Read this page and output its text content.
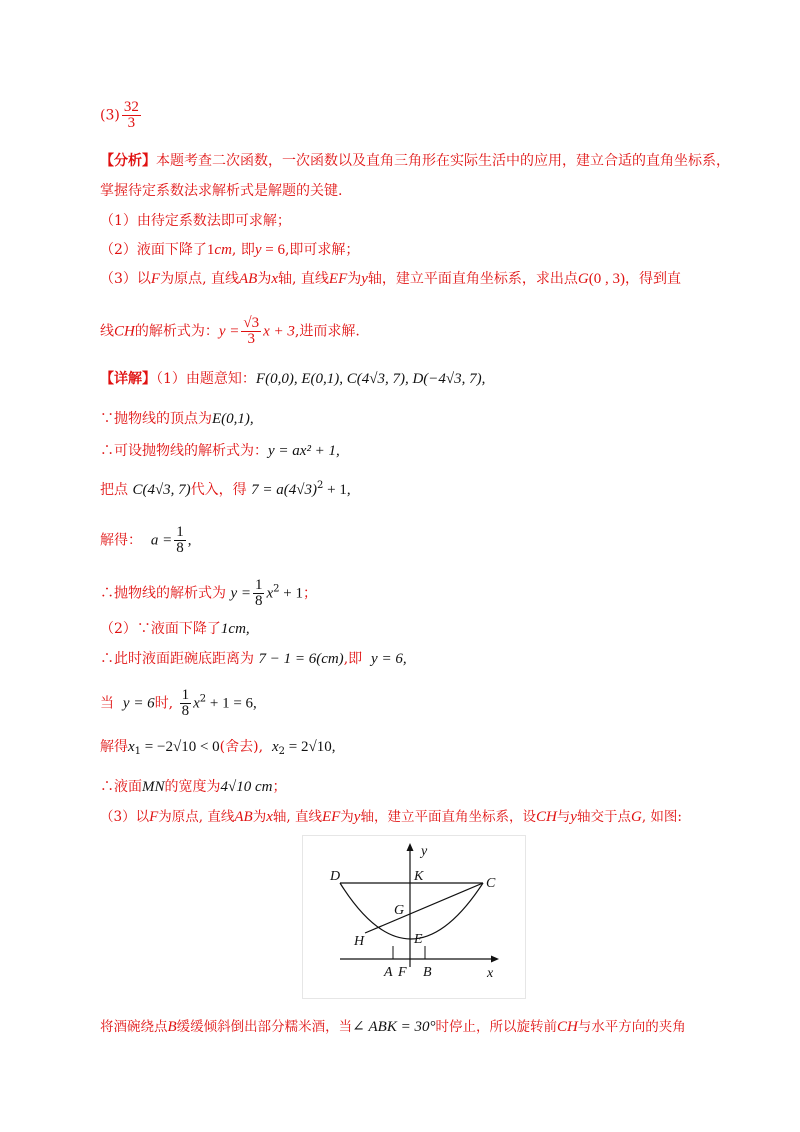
$(3) \frac{32}{3}$
【分析】本题考查二次函数，一次函数以及直角三角形在实际生活中的应用，建立合适的直角坐标系，
掌握待定系数法求解析式是解题的关键.
（1）由待定系数法即可求解；
（2）液面下降了1cm, 即y = 6,即可求解；
（3）以F为原点, 直线AB为x轴, 直线EF为y轴，建立平面直角坐标系，求出点G(0 , 3)，得到直
线CH的解析式为：$y = \frac{√3}{3}$ x + 3,进而求解.
【详解】（1）由题意知：F(0,0), E(0,1), C(4√3, 7), D(−4√3, 7),
∵抛物线的顶点为E(0,1),
∴可设抛物线的解析式为：y = ax² + 1,
把点 C(4√3, 7)代入，得 $7 = a(4√3)^2 + 1$,
解得： $a = \frac{1}{8}$ ,
∴抛物线的解析式为 $y = \frac{1}{8} x^2 + 1$；
（2）∵液面下降了1cm,
∴此时液面距碗底距离为 7 − 1 = 6(cm),即 y = 6,
当 y = 6时, $\frac{1}{8} x^2 + 1 = 6$,
解得$x_1 = -2√10 < 0$(舍去), $x_2 = 2√10$,
∴液面MN的宽度为4√10 cm；
（3）以F为原点, 直线AB为x轴, 直线EF为y轴，建立平面直角坐标系，设CH与y轴交于点G, 如图:
D	K	C
G
H	E
A F B	x
y
将酒碗绕点B缓缓倾斜倒出部分糯米酒，当∠ ABK = 30°时停止，所以旋转前CH与水平方向的夹角
